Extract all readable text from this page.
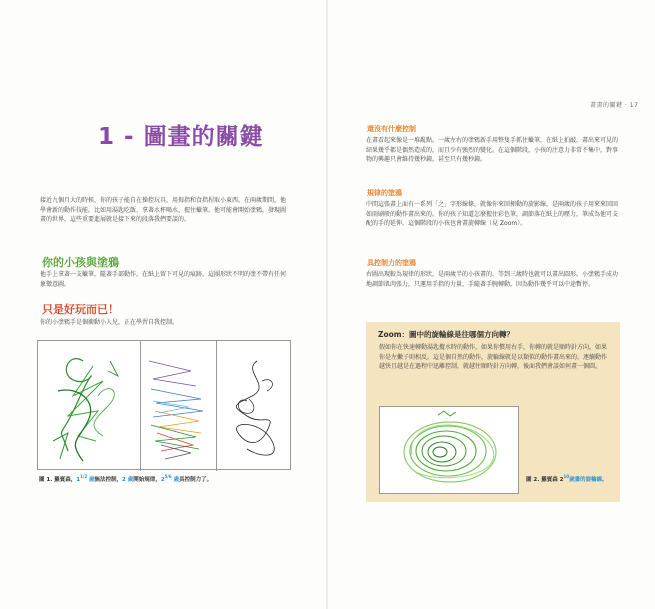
畫畫的關鍵 · 17
1 - 圖畫的關鍵
接近九個月大的時候，你的孩子能自在操控玩具，用拇指和食指捏取小東西。在兩歲期間，他學會新的動作技能，比如用湯匙吃飯、拿著水杯喝水、握住蠟筆。他可能會開始塗鴉，發現圖畫的世界，這些重要進展就是接下來的段落我們要談的。
你的小孩與塗鴉
他手上拿著一支蠟筆，隨著手部動作，在紙上留下可見的痕跡。這團形狀不明的塗不帶有任何象徵意圖。
只是好玩而已！
你的小塗鴉手是個衝動小人兒，正在學習自我控制。
圖 1. 羅賓森，$1^{1/2}$ 歲無法控制，2 歲開始規律，$2^{5/6}$ 歲具控制力了。
還沒有什麼控制
在畫看起來像是一堆亂點。一歲左右的塗鴉新手用整隻手抓住蠟筆，在紙上拍敲，畫出來可見的結果幾乎都是偶然造成的，而且少有強烈的變化。在這個階段，小孩的注意力非常不集中，對事物的興趣只會維持幾秒鐘。甚至只有幾秒鐘。
規律的塗鴉
中間這張畫上面有一系列「之」字形線條，就像你來回揮動的旋影線，是兩歲的孩子用來來回回如雨刷般的動作畫出來的。你的孩子知道怎麼握住彩色筆，調節落在紙上的壓力，筆成為他可支配的手的延伸。這個階段的小孩也會畫旋轉線（見 Zoom）。
具控制力的塗鴉
右圖出現較為規律的形狀，是兩歲半的小孩畫的，等到三歲時也就可以畫出圓形。小塗鴉手成功地調節肌肉張力，只運用手指的力量，手隨著手腕轉動。因為動作幾乎可以中途暫停。
Zoom：圖中的旋輪線是往哪個方向轉？
假如你在快速轉動湯匙攪水時的動作，如果你慣用右手，你轉的就是順時針方向，如果你是左撇子則相反。這是個自然的動作，旋輪線就是以類似的動作畫出來的。連續動作越快且越是在過程中迅離控制，就越往順時針方向轉，後面我們會談如何畫一個圓。
圖 2. 羅賓森 $2^{10}$歲畫的旋輪線。
